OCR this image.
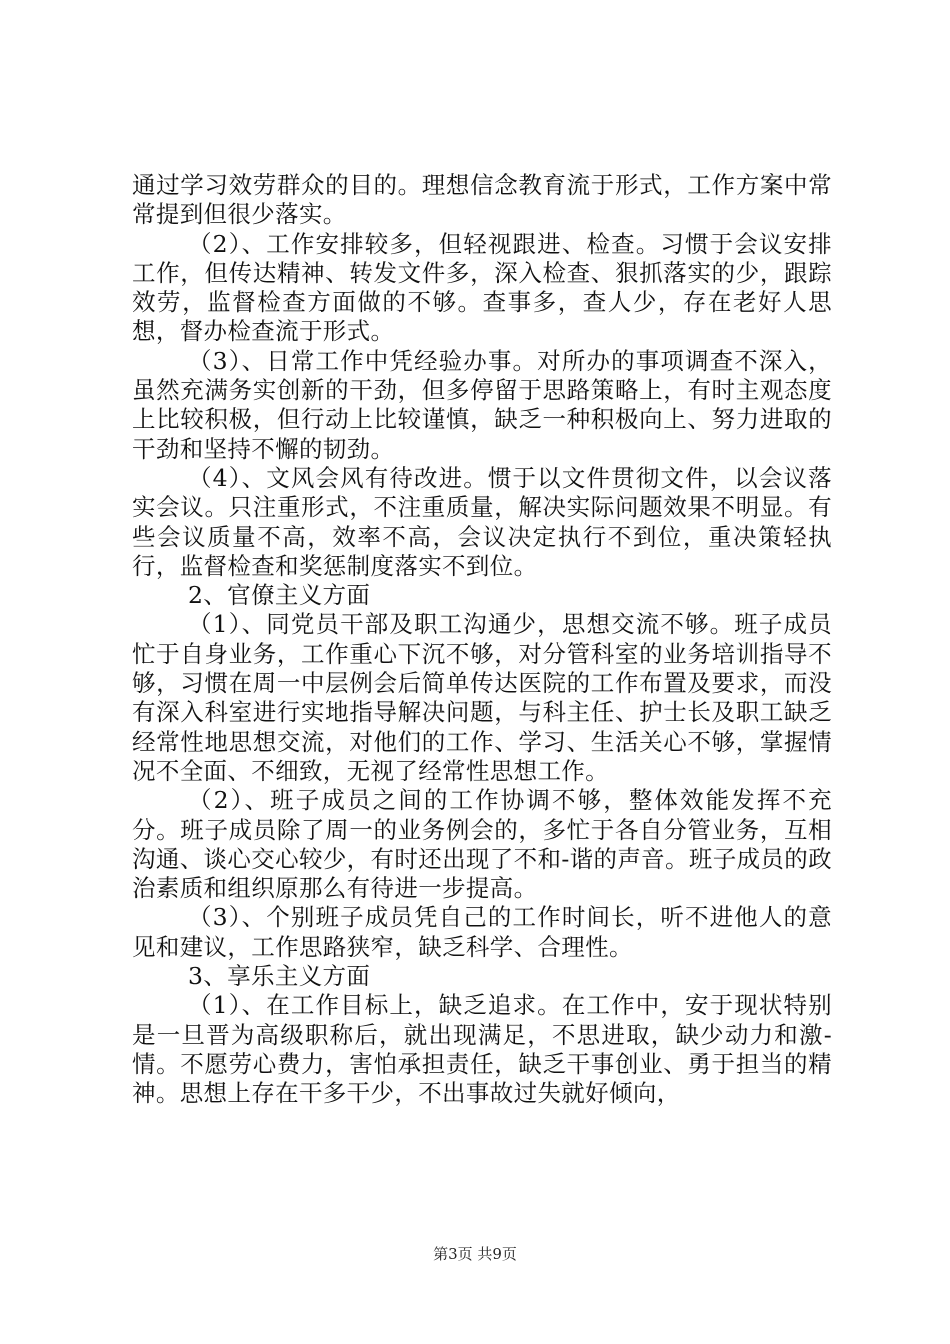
通过学习效劳群众的目的。理想信念教育流于形式，工作方案中常常提到但很少落实。

（2）、工作安排较多，但轻视跟进、检查。习惯于会议安排工作，但传达精神、转发文件多，深入检查、狠抓落实的少，跟踪效劳，监督检查方面做的不够。查事多，查人少，存在老好人思想，督办检查流于形式。

（3）、日常工作中凭经验办事。对所办的事项调查不深入，虽然充满务实创新的干劲，但多停留于思路策略上，有时主观态度上比较积极，但行动上比较谨慎，缺乏一种积极向上、努力进取的干劲和坚持不懈的韧劲。

（4）、文风会风有待改进。惯于以文件贯彻文件，以会议落实会议。只注重形式，不注重质量，解决实际问题效果不明显。有些会议质量不高，效率不高，会议决定执行不到位，重决策轻执行，监督检查和奖惩制度落实不到位。

2、官僚主义方面

（1）、同党员干部及职工沟通少，思想交流不够。班子成员忙于自身业务，工作重心下沉不够，对分管科室的业务培训指导不够，习惯在周一中层例会后简单传达医院的工作布置及要求，而没有深入科室进行实地指导解决问题，与科主任、护士长及职工缺乏经常性地思想交流，对他们的工作、学习、生活关心不够，掌握情况不全面、不细致，无视了经常性思想工作。

（2）、班子成员之间的工作协调不够，整体效能发挥不充分。班子成员除了周一的业务例会的，多忙于各自分管业务，互相沟通、谈心交心较少，有时还出现了不和-谐的声音。班子成员的政治素质和组织原那么有待进一步提高。

（3）、个别班子成员凭自己的工作时间长，听不进他人的意见和建议，工作思路狭窄，缺乏科学、合理性。

3、享乐主义方面

（1）、在工作目标上，缺乏追求。在工作中，安于现状特别是一旦晋为高级职称后，就出现满足，不思进取，缺少动力和激-情。不愿劳心费力，害怕承担责任，缺乏干事创业、勇于担当的精神。思想上存在干多干少，不出事故过失就好倾向，

第3页 共9页
